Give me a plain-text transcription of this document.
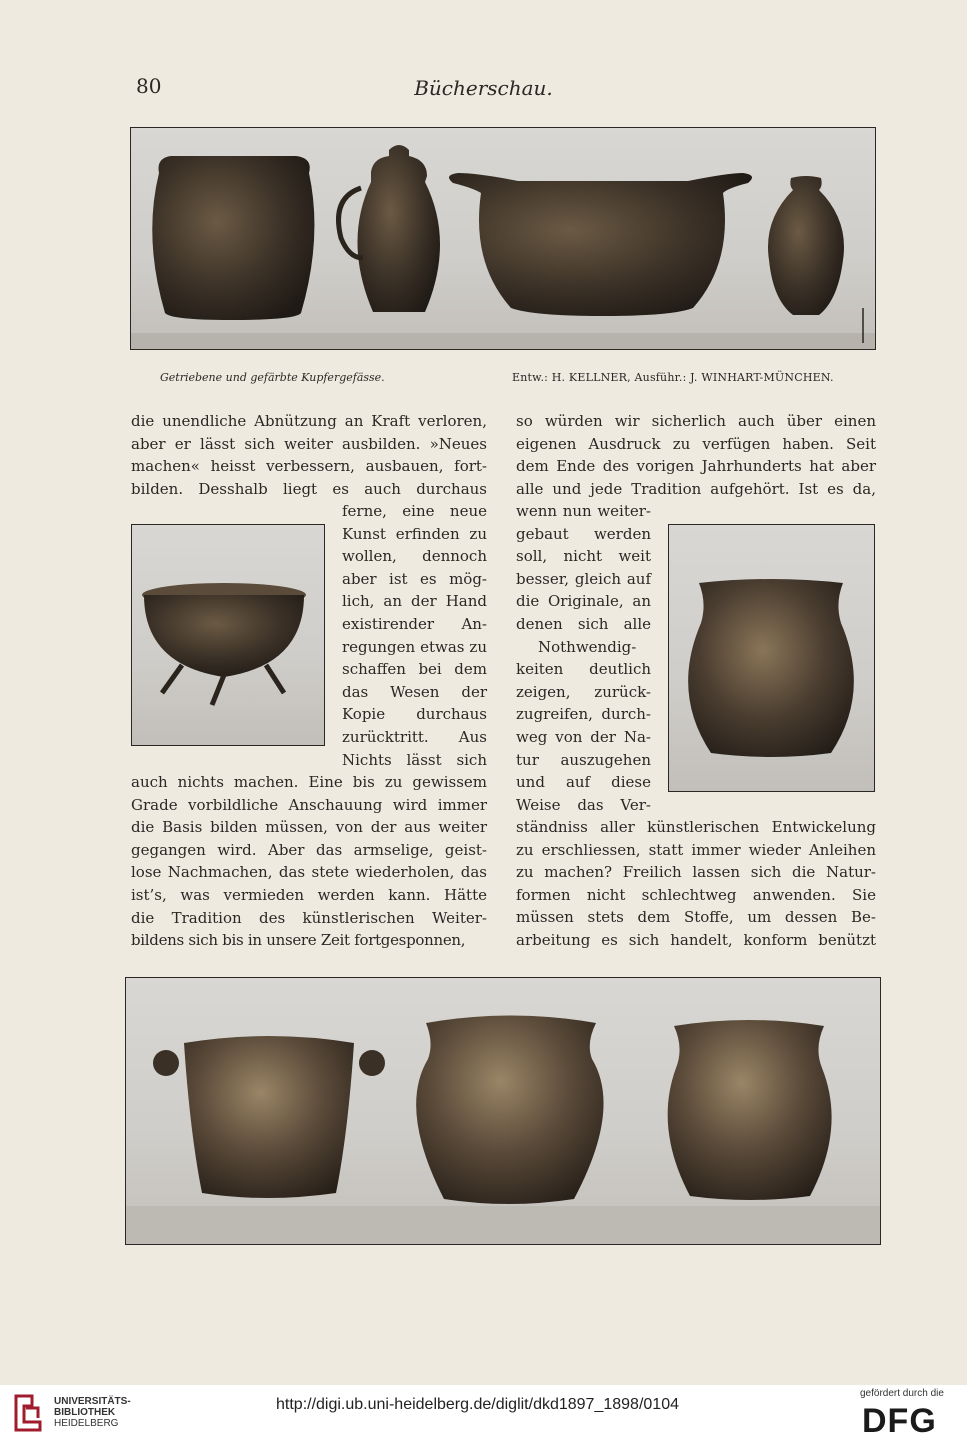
80	Bücherschau.
Getriebene und gefärbte Kupfergefässe.	Entw.: H. KELLNER, Ausführ.: J. WINHART-MÜNCHEN.
die unendliche Abnützung an Kraft verloren,
aber er lässt sich weiter ausbilden. »Neues
machen« heisst verbessern, ausbauen, fort-
bilden. Desshalb liegt es auch durchaus
ferne, eine neue
Kunst erfinden zu
wollen, dennoch
aber ist es mög-
lich, an der Hand
existirender An-
regungen etwas zu
schaffen bei dem
das Wesen der
Kopie durchaus
zurücktritt. Aus
Nichts lässt sich
auch nichts machen. Eine bis zu gewissem
Grade vorbildliche Anschauung wird immer
die Basis bilden müssen, von der aus weiter
gegangen wird. Aber das armselige, geist-
lose Nachmachen, das stete wiederholen, das
ist’s, was vermieden werden kann. Hätte
die Tradition des künstlerischen Weiter-
bildens sich bis in unsere Zeit fortgesponnen,
so würden wir sicherlich auch über einen
eigenen Ausdruck zu verfügen haben. Seit
dem Ende des vorigen Jahrhunderts hat aber
alle und jede Tradition aufgehört. Ist es da,
wenn nun weiter-
gebaut werden
soll, nicht weit
besser, gleich auf
die Originale, an
denen sich alle
Nothwendig-
keiten deutlich
zeigen, zurück-
zugreifen, durch-
weg von der Na-
tur auszugehen
und auf diese
Weise das Ver-
ständniss aller künstlerischen Entwickelung
zu erschliessen, statt immer wieder Anleihen
zu machen? Freilich lassen sich die Natur-
formen nicht schlechtweg anwenden. Sie
müssen stets dem Stoffe, um dessen Be-
arbeitung es sich handelt, konform benützt
UNIVERSITÄTS-
BIBLIOTHEK
HEIDELBERG
http://digi.ub.uni-heidelberg.de/diglit/dkd1897_1898/0104
gefördert durch die
DFG
